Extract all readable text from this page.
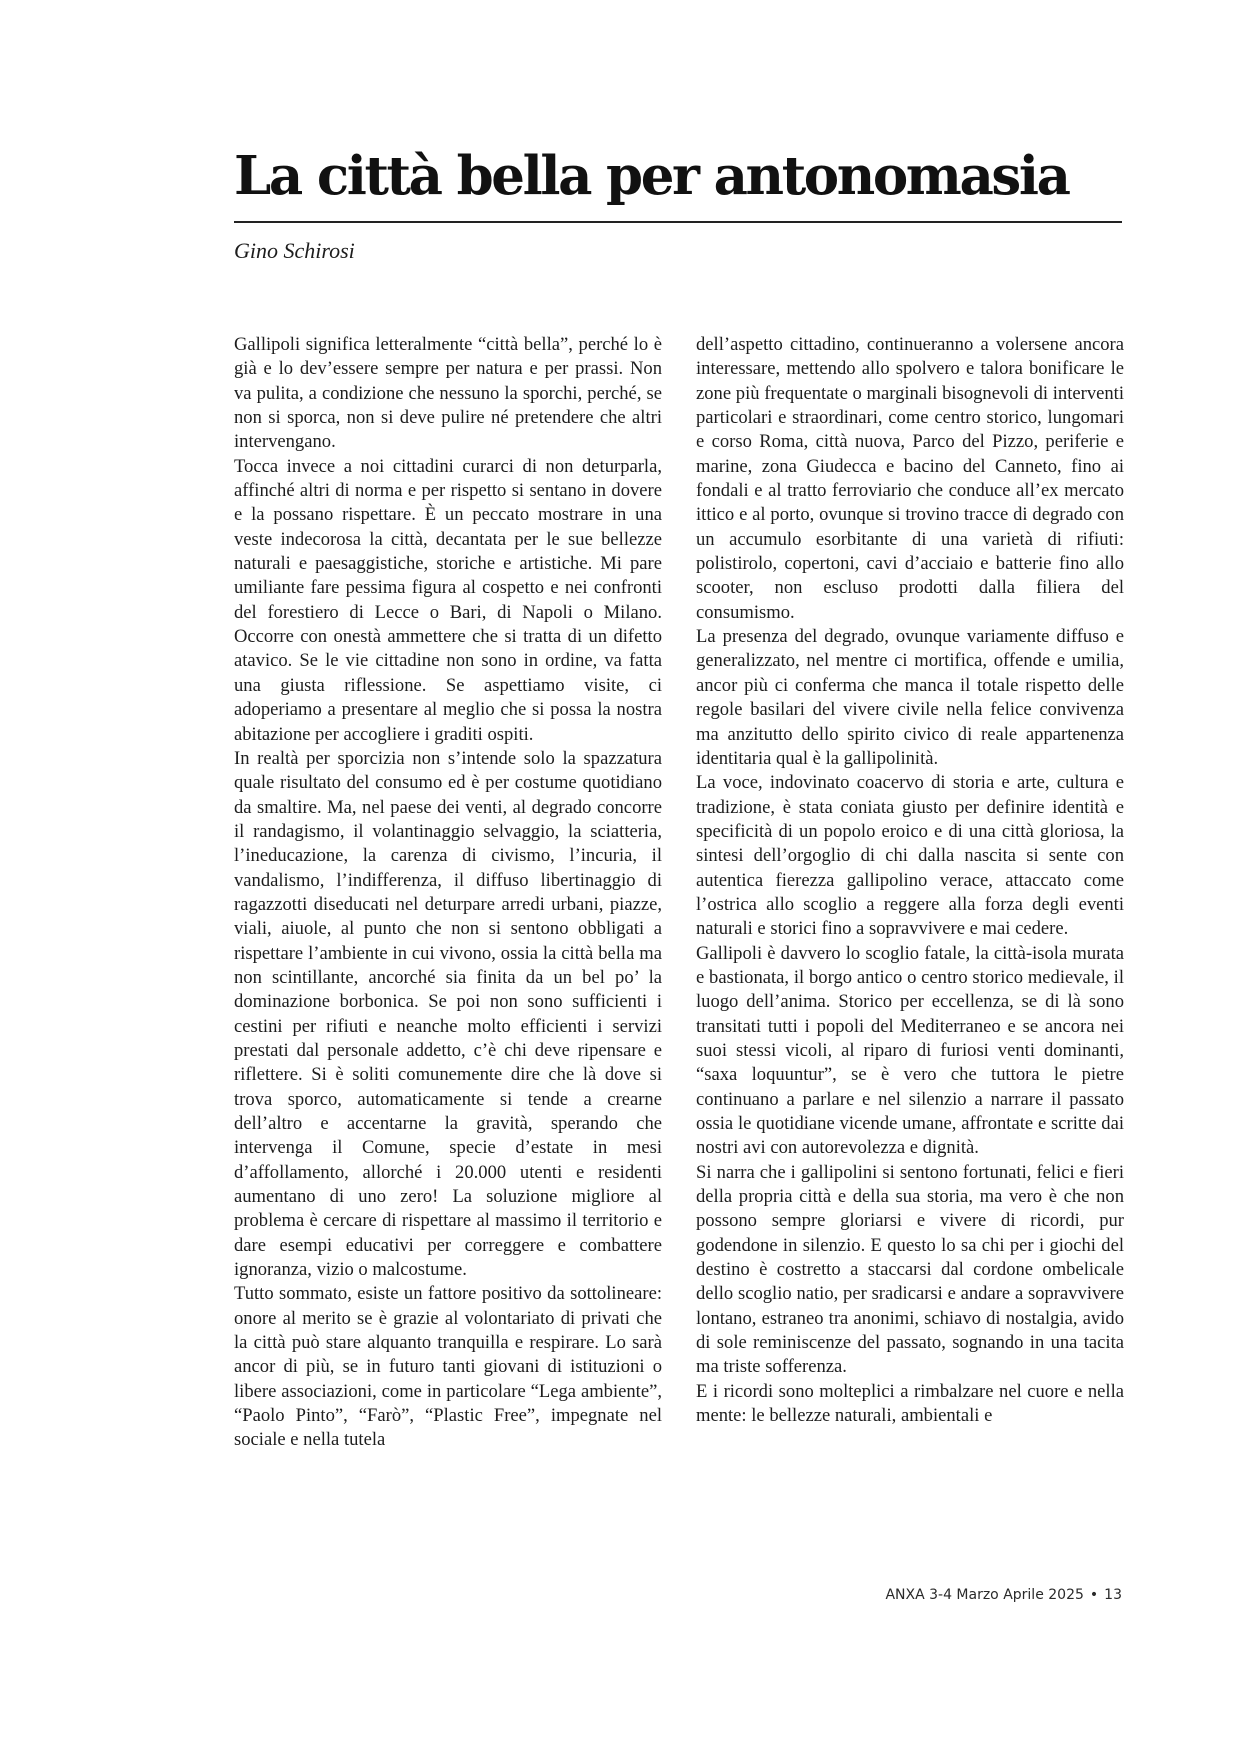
La città bella per antonomasia

Gino Schirosi

Gallipoli significa letteralmente “città bella”, perché lo è già e lo dev’essere sempre per natura e per prassi. Non va pulita, a condizione che nessuno la sporchi, perché, se non si sporca, non si deve pulire né pretendere che altri intervengano.

Tocca invece a noi cittadini curarci di non deturparla, affinché altri di norma e per rispetto si sentano in dovere e la possano rispettare. È un peccato mostrare in una veste indecorosa la città, decantata per le sue bellezze naturali e paesaggistiche, storiche e artistiche. Mi pare umiliante fare pessima figura al cospetto e nei confronti del forestiero di Lecce o Bari, di Napoli o Milano. Occorre con onestà ammettere che si tratta di un difetto atavico. Se le vie cittadine non sono in ordine, va fatta una giusta riflessione. Se aspettiamo visite, ci adoperiamo a presentare al meglio che si possa la nostra abitazione per accogliere i graditi ospiti.

In realtà per sporcizia non s’intende solo la spazzatura quale risultato del consumo ed è per costume quotidiano da smaltire. Ma, nel paese dei venti, al degrado concorre il randagismo, il volantinaggio selvaggio, la sciatteria, l’ineducazione, la carenza di civismo, l’incuria, il vandalismo, l’indifferenza, il diffuso libertinaggio di ragazzotti diseducati nel deturpare arredi urbani, piazze, viali, aiuole, al punto che non si sentono obbligati a rispettare l’ambiente in cui vivono, ossia la città bella ma non scintillante, ancorché sia finita da un bel po’ la dominazione borbonica. Se poi non sono sufficienti i cestini per rifiuti e neanche molto efficienti i servizi prestati dal personale addetto, c’è chi deve ripensare e riflettere. Si è soliti comunemente dire che là dove si trova sporco, automaticamente si tende a crearne dell’altro e accentarne la gravità, sperando che intervenga il Comune, specie d’estate in mesi d’affollamento, allorché i 20.000 utenti e residenti aumentano di uno zero! La soluzione migliore al problema è cercare di rispettare al massimo il territorio e dare esempi educativi per correggere e combattere ignoranza, vizio o malcostume.

Tutto sommato, esiste un fattore positivo da sottolineare: onore al merito se è grazie al volontariato di privati che la città può stare alquanto tranquilla e respirare. Lo sarà ancor di più, se in futuro tanti giovani di istituzioni o libere associazioni, come in particolare “Lega ambiente”, “Paolo Pinto”, “Farò”, “Plastic Free”, impegnate nel sociale e nella tutela

dell’aspetto cittadino, continueranno a volersene ancora interessare, mettendo allo spolvero e talora bonificare le zone più frequentate o marginali bisognevoli di interventi particolari e straordinari, come centro storico, lungomari e corso Roma, città nuova, Parco del Pizzo, periferie e marine, zona Giudecca e bacino del Canneto, fino ai fondali e al tratto ferroviario che conduce all’ex mercato ittico e al porto, ovunque si trovino tracce di degrado con un accumulo esorbitante di una varietà di rifiuti: polistirolo, copertoni, cavi d’acciaio e batterie fino allo scooter, non escluso prodotti dalla filiera del consumismo.

La presenza del degrado, ovunque variamente diffuso e generalizzato, nel mentre ci mortifica, offende e umilia, ancor più ci conferma che manca il totale rispetto delle regole basilari del vivere civile nella felice convivenza ma anzitutto dello spirito civico di reale appartenenza identitaria qual è la gallipolinità.

La voce, indovinato coacervo di storia e arte, cultura e tradizione, è stata coniata giusto per definire identità e specificità di un popolo eroico e di una città gloriosa, la sintesi dell’orgoglio di chi dalla nascita si sente con autentica fierezza gallipolino verace, attaccato come l’ostrica allo scoglio a reggere alla forza degli eventi naturali e storici fino a sopravvivere e mai cedere.

Gallipoli è davvero lo scoglio fatale, la città-isola murata e bastionata, il borgo antico o centro storico medievale, il luogo dell’anima. Storico per eccellenza, se di là sono transitati tutti i popoli del Mediterraneo e se ancora nei suoi stessi vicoli, al riparo di furiosi venti dominanti, “saxa loquuntur”, se è vero che tuttora le pietre continuano a parlare e nel silenzio a narrare il passato ossia le quotidiane vicende umane, affrontate e scritte dai nostri avi con autorevolezza e dignità.

Si narra che i gallipolini si sentono fortunati, felici e fieri della propria città e della sua storia, ma vero è che non possono sempre gloriarsi e vivere di ricordi, pur godendone in silenzio. E questo lo sa chi per i giochi del destino è costretto a staccarsi dal cordone ombelicale dello scoglio natio, per sradicarsi e andare a sopravvivere lontano, estraneo tra anonimi, schiavo di nostalgia, avido di sole reminiscenze del passato, sognando in una tacita ma triste sofferenza.

E i ricordi sono molteplici a rimbalzare nel cuore e nella mente: le bellezze naturali, ambientali e

ANXA 3-4 Marzo Aprile 2025 • 13
